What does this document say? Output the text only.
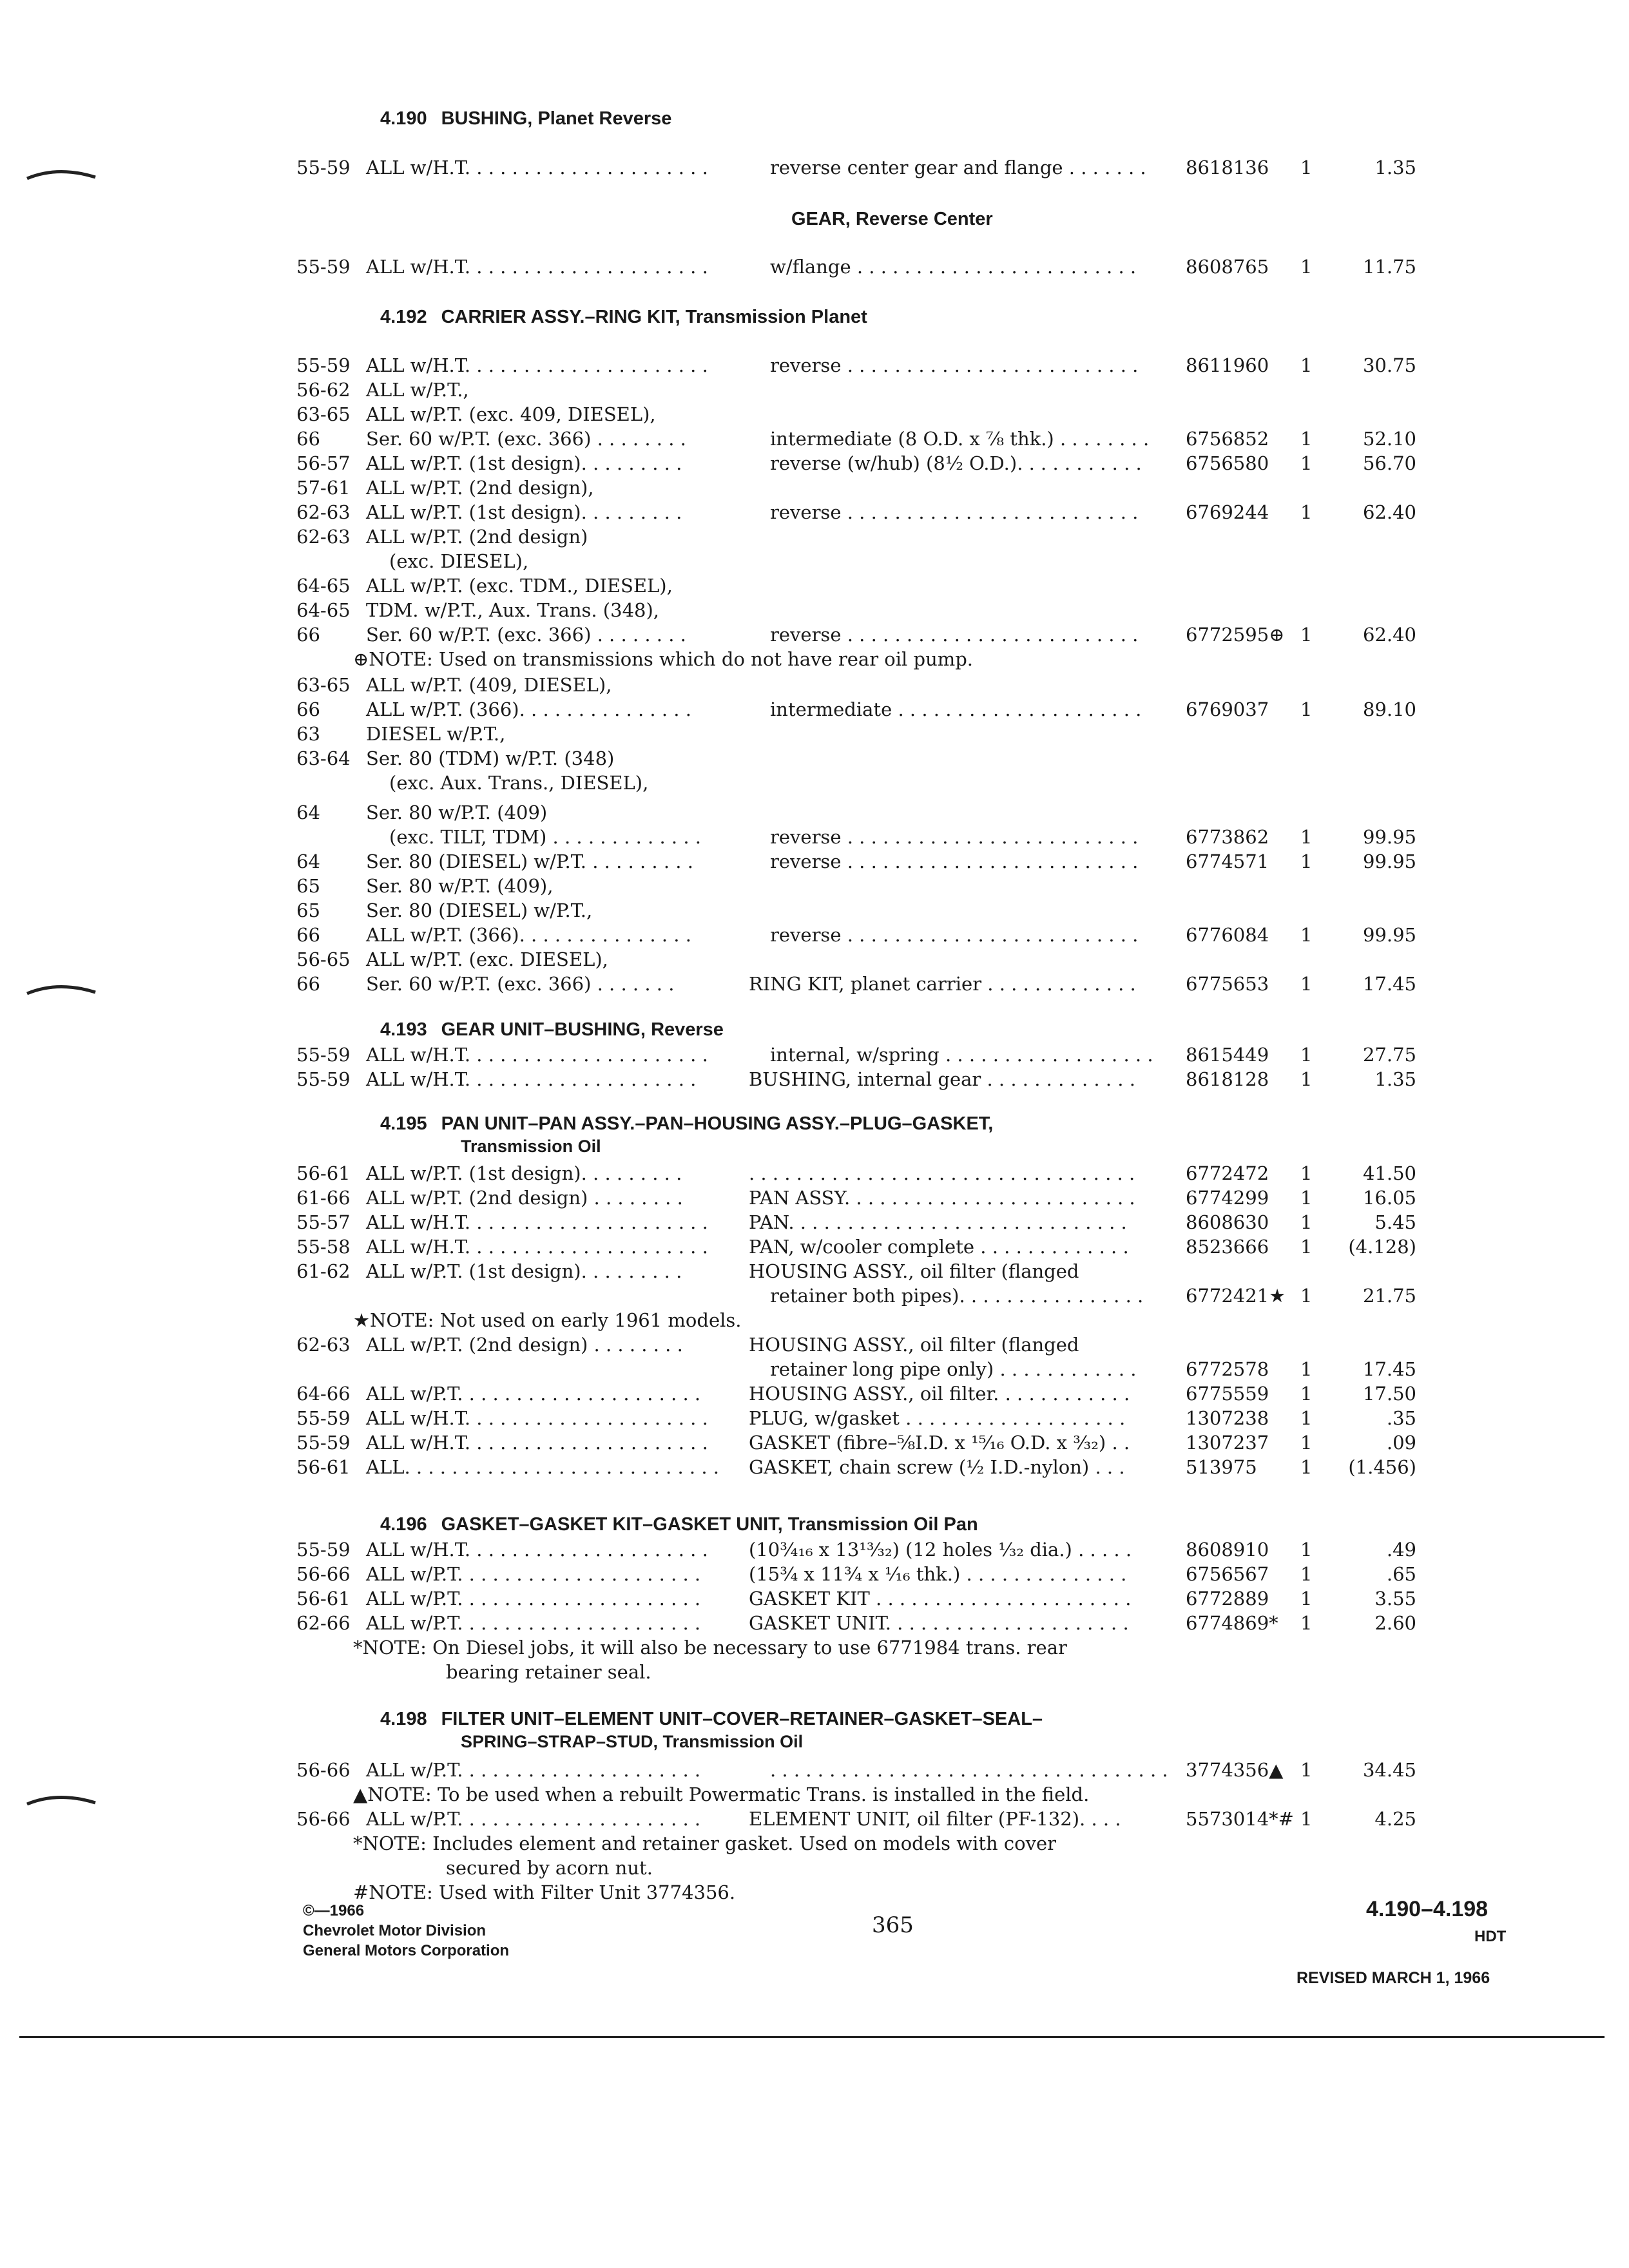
4.190 BUSHING, Planet Reverse
GEAR, Reverse Center
4.192 CARRIER ASSY.–RING KIT, Transmission Planet
4.193 GEAR UNIT–BUSHING, Reverse
4.195 PAN UNIT–PAN ASSY.–PAN–HOUSING ASSY.–PLUG–GASKET,
Transmission Oil
4.196 GASKET–GASKET KIT–GASKET UNIT, Transmission Oil Pan
4.198 FILTER UNIT–ELEMENT UNIT–COVER–RETAINER–GASKET–SEAL–
SPRING–STRAP–STUD, Transmission Oil
55-59 ALL w/H.T. . . . . . . . . . . . . . . . . . . . .	reverse center gear and flange . . . . . . . 8618136 1	1.35
55-59 ALL w/H.T. . . . . . . . . . . . . . . . . . . . .	w/flange . . . . . . . . . . . . . . . . . . . . . . . .	8608765 1	11.75
55-59 ALL w/H.T. . . . . . . . . . . . . . . . . . . . .	reverse . . . . . . . . . . . . . . . . . . . . . . . . .	8611960 1	30.75
56-62 ALL w/P.T.,
63-65 ALL w/P.T. (exc. 409, DIESEL),
66 Ser. 60 w/P.T. (exc. 366) . . . . . . . .	intermediate (8 O.D. x ⅞ thk.) . . . . . . . . 6756852 1	52.10
56-57 ALL w/P.T. (1st design). . . . . . . . .	reverse (w/hub) (8½ O.D.). . . . . . . . . . . 6756580 1	56.70
57-61 ALL w/P.T. (2nd design),
62-63 ALL w/P.T. (1st design). . . . . . . . .	reverse . . . . . . . . . . . . . . . . . . . . . . . . .	6769244 1	62.40
62-63 ALL w/P.T. (2nd design)
(exc. DIESEL),
64-65 ALL w/P.T. (exc. TDM., DIESEL),
64-65 TDM. w/P.T., Aux. Trans. (348),
66 Ser. 60 w/P.T. (exc. 366) . . . . . . . .	reverse . . . . . . . . . . . . . . . . . . . . . . . . .	6772595⊕ 1	62.40
⊕NOTE: Used on transmissions which do not have rear oil pump.
63-65 ALL w/P.T. (409, DIESEL),
66 ALL w/P.T. (366). . . . . . . . . . . . . . .	intermediate . . . . . . . . . . . . . . . . . . . . . 6769037 1	89.10
63 DIESEL w/P.T.,
63-64 Ser. 80 (TDM) w/P.T. (348)
(exc. Aux. Trans., DIESEL),
64 Ser. 80 w/P.T. (409)
(exc. TILT, TDM) . . . . . . . . . . . . .	reverse . . . . . . . . . . . . . . . . . . . . . . . . .	6773862 1	99.95
64 Ser. 80 (DIESEL) w/P.T. . . . . . . . . .	reverse . . . . . . . . . . . . . . . . . . . . . . . . .	6774571 1	99.95
65 Ser. 80 w/P.T. (409),
65 Ser. 80 (DIESEL) w/P.T.,
66 ALL w/P.T. (366). . . . . . . . . . . . . . .	reverse . . . . . . . . . . . . . . . . . . . . . . . . .	6776084 1	99.95
56-65 ALL w/P.T. (exc. DIESEL),
66 Ser. 60 w/P.T. (exc. 366) . . . . . . .	RING KIT, planet carrier . . . . . . . . . . . . .	6775653 1	17.45
55-59 ALL w/H.T. . . . . . . . . . . . . . . . . . . . .	internal, w/spring . . . . . . . . . . . . . . . . . . 8615449 1	27.75
55-59 ALL w/H.T. . . . . . . . . . . . . . . . . . . .	BUSHING, internal gear . . . . . . . . . . . . .	8618128 1	1.35
56-61 ALL w/P.T. (1st design). . . . . . . . .	. . . . . . . . . . . . . . . . . . . . . . . . . . . . . . . . .	6772472 1	41.50
61-66 ALL w/P.T. (2nd design) . . . . . . . .	PAN ASSY. . . . . . . . . . . . . . . . . . . . . . . . .	6774299 1	16.05
55-57 ALL w/H.T. . . . . . . . . . . . . . . . . . . . . PAN. . . . . . . . . . . . . . . . . . . . . . . . . . . . .	8608630 1	5.45
55-58 ALL w/H.T. . . . . . . . . . . . . . . . . . . . . PAN, w/cooler complete . . . . . . . . . . . . .	8523666 1	(4.128)
61-62 ALL w/P.T. (1st design). . . . . . . . .	HOUSING ASSY., oil filter (flanged
retainer both pipes). . . . . . . . . . . . . . . . 6772421★ 1	21.75
★NOTE: Not used on early 1961 models.
62-63 ALL w/P.T. (2nd design) . . . . . . . .	HOUSING ASSY., oil filter (flanged
retainer long pipe only) . . . . . . . . . . . .	6772578 1	17.45
64-66 ALL w/P.T. . . . . . . . . . . . . . . . . . . . .	HOUSING ASSY., oil filter. . . . . . . . . . . .	6775559 1	17.50
55-59 ALL w/H.T. . . . . . . . . . . . . . . . . . . . . PLUG, w/gasket . . . . . . . . . . . . . . . . . . .	1307238 1	.35
55-59 ALL w/H.T. . . . . . . . . . . . . . . . . . . . . GASKET (fibre–⅝I.D. x ¹⁵⁄₁₆ O.D. x ³⁄₃₂) . .	1307237 1	.09
56-61 ALL. . . . . . . . . . . . . . . . . . . . . . . . . . . GASKET, chain screw (½ I.D.-nylon) . . .	513975 1	(1.456)
55-59 ALL w/H.T. . . . . . . . . . . . . . . . . . . . . (10¾₁₆ x 13¹³⁄₃₂) (12 holes ¹⁄₃₂ dia.) . . . . .	8608910 1	.49
56-66 ALL w/P.T. . . . . . . . . . . . . . . . . . . . .	(15¾ x 11¾ x ¹⁄₁₆ thk.) . . . . . . . . . . . . . .	6756567 1	.65
56-61 ALL w/P.T. . . . . . . . . . . . . . . . . . . . .	GASKET KIT . . . . . . . . . . . . . . . . . . . . . .	6772889 1	3.55
62-66 ALL w/P.T. . . . . . . . . . . . . . . . . . . . .	GASKET UNIT. . . . . . . . . . . . . . . . . . . . .	6774869* 1	2.60
*NOTE: On Diesel jobs, it will also be necessary to use 6771984 trans. rear
bearing retainer seal.
56-66 ALL w/P.T. . . . . . . . . . . . . . . . . . . . .	. . . . . . . . . . . . . . . . . . . . . . . . . . . . . . . . . . 3774356▲ 1	34.45
▲NOTE: To be used when a rebuilt Powermatic Trans. is installed in the field.
56-66 ALL w/P.T. . . . . . . . . . . . . . . . . . . . .	ELEMENT UNIT, oil filter (PF-132). . . .	5573014*# 1	4.25
*NOTE: Includes element and retainer gasket. Used on models with cover
secured by acorn nut.
#NOTE: Used with Filter Unit 3774356.
©—1966
Chevrolet Motor Division
General Motors Corporation
365
4.190–4.198
HDT
REVISED MARCH 1, 1966
